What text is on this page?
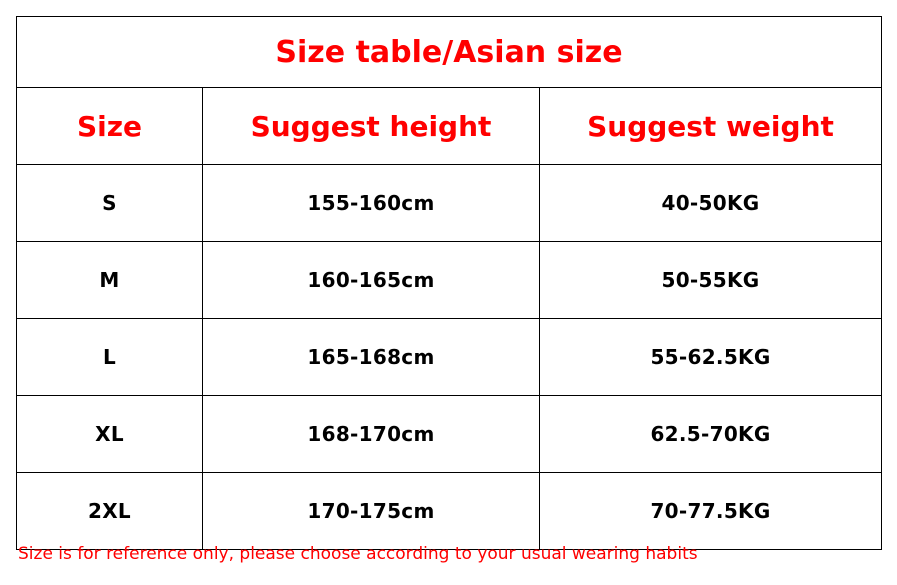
Size table/Asian size		
Size	Suggest height	Suggest weight
S	155-160cm	40-50KG
M	160-165cm	50-55KG
L	165-168cm	55-62.5KG
XL	168-170cm	62.5-70KG
2XL	170-175cm	70-77.5KG
Size is for reference only, please choose according to your usual wearing habits
